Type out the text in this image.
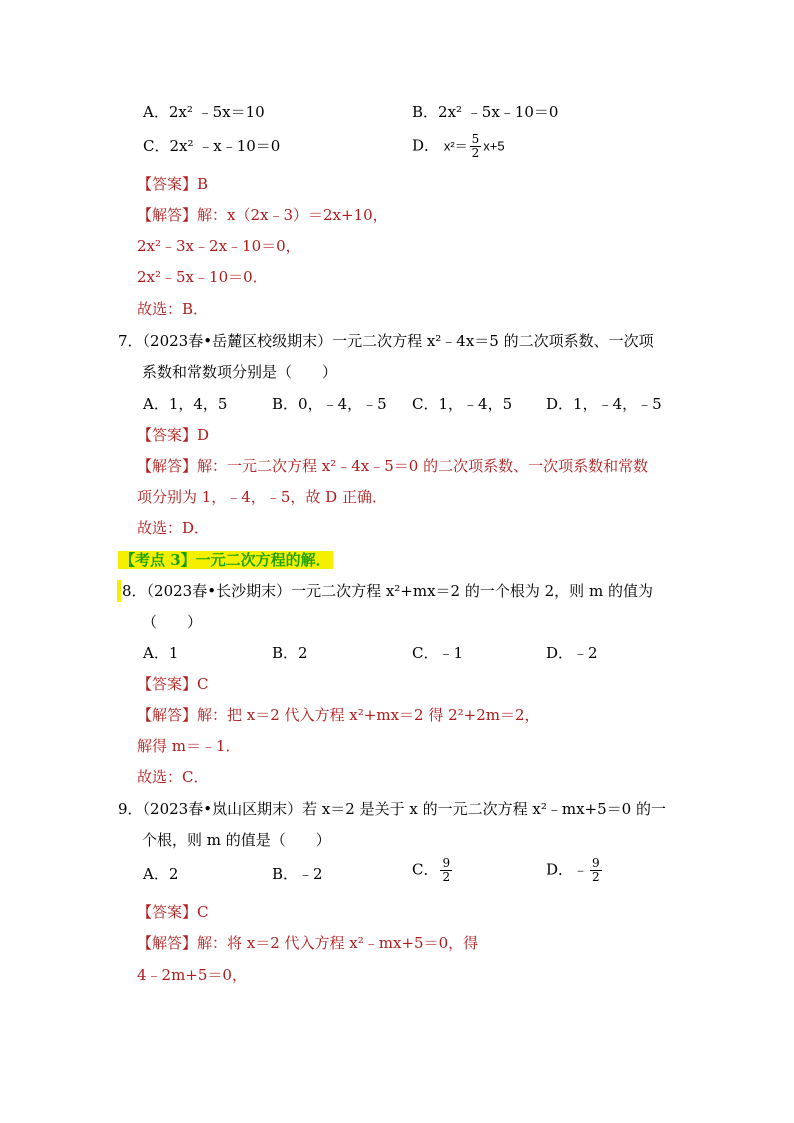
A．2x² ﹣5x＝10	B．2x² ﹣5x﹣10＝0
C．2x² ﹣x﹣10＝0	D． $x^2= \frac{5}{2} x+5$
【答案】B
【解答】解：x（2x﹣3）＝2x+10，
2x²﹣3x﹣2x﹣10＝0，
2x²﹣5x﹣10＝0．
故选：B．
7．（2023春•岳麓区校级期末）一元二次方程 x²﹣4x＝5 的二次项系数、一次项
系数和常数项分别是（　　）
A．1，4，5	B．0，﹣4，﹣5 C．1，﹣4，5 D．1，﹣4，﹣5
【答案】D
【解答】解：一元二次方程 x²﹣4x﹣5＝0 的二次项系数、一次项系数和常数
项分别为 1，﹣4，﹣5，故 D 正确．
故选：D．
【考点 3】一元二次方程的解．
8．（2023春•长沙期末）一元二次方程 x²+mx＝2 的一个根为 2，则 m 的值为
（　　）
A．1	B．2	C．﹣1	D．﹣2
【答案】C
【解答】解：把 x＝2 代入方程 x²+mx＝2 得 2²+2m＝2，
解得 m＝﹣1．
故选：C．
9．（2023春•岚山区期末）若 x＝2 是关于 x 的一元二次方程 x²﹣mx+5＝0 的一
个根，则 m 的值是（　　）
A．2	B．﹣2	C． $\frac{9}{2}$	D．﹣ $\frac{9}{2}$
【答案】C
【解答】解：将 x＝2 代入方程 x²﹣mx+5＝0，得
4﹣2m+5＝0，
